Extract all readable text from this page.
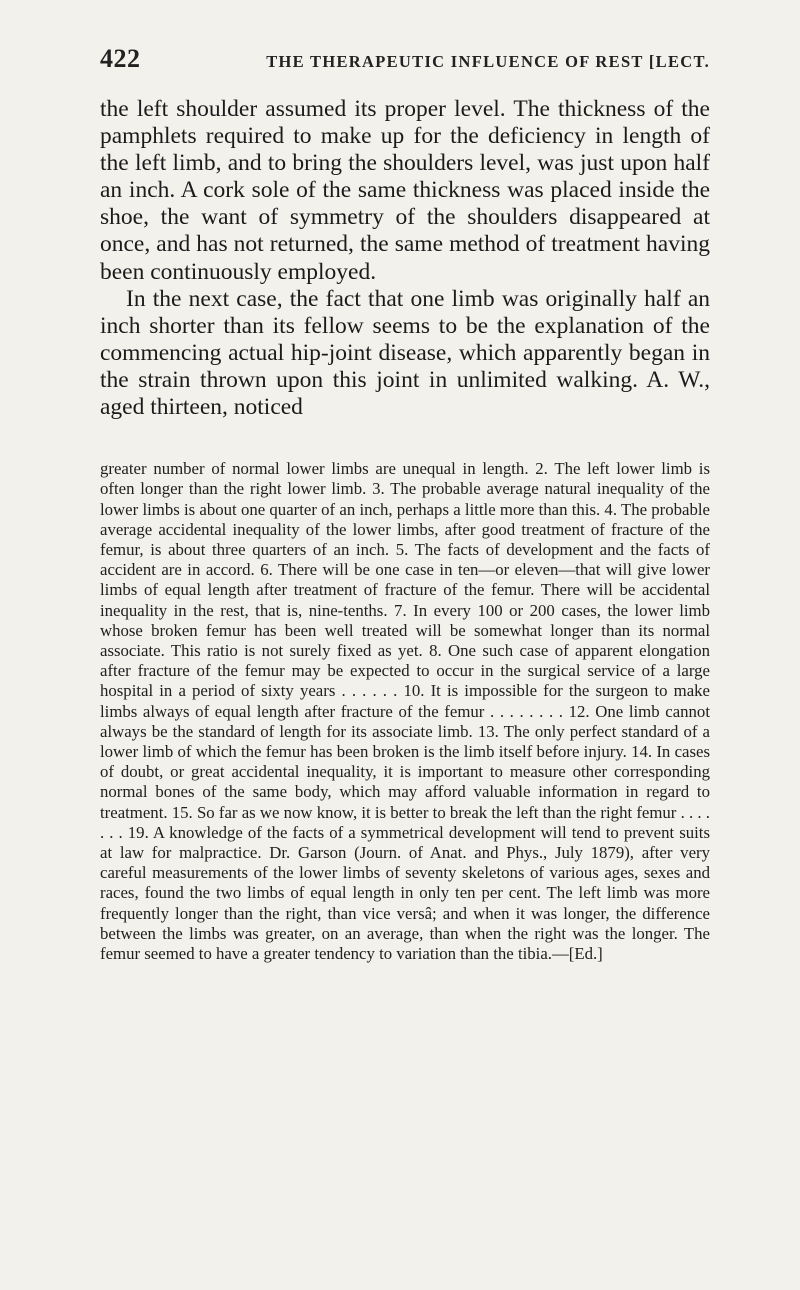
422	THE THERAPEUTIC INFLUENCE OF REST [LECT.

the left shoulder assumed its proper level. The thickness of the pamphlets required to make up for the deficiency in length of the left limb, and to bring the shoulders level, was just upon half an inch. A cork sole of the same thickness was placed inside the shoe, the want of symmetry of the shoulders disappeared at once, and has not returned, the same method of treatment having been continuously employed.

In the next case, the fact that one limb was originally half an inch shorter than its fellow seems to be the explanation of the commencing actual hip-joint disease, which apparently began in the strain thrown upon this joint in unlimited walking. A. W., aged thirteen, noticed

greater number of normal lower limbs are unequal in length. 2. The left lower limb is often longer than the right lower limb. 3. The probable average natural inequality of the lower limbs is about one quarter of an inch, perhaps a little more than this. 4. The probable average accidental inequality of the lower limbs, after good treatment of fracture of the femur, is about three quarters of an inch. 5. The facts of development and the facts of accident are in accord. 6. There will be one case in ten—or eleven—that will give lower limbs of equal length after treatment of fracture of the femur. There will be accidental inequality in the rest, that is, nine-tenths. 7. In every 100 or 200 cases, the lower limb whose broken femur has been well treated will be somewhat longer than its normal associate. This ratio is not surely fixed as yet. 8. One such case of apparent elongation after fracture of the femur may be expected to occur in the surgical service of a large hospital in a period of sixty years . . . . . . 10. It is impossible for the surgeon to make limbs always of equal length after fracture of the femur . . . . . . . . 12. One limb cannot always be the standard of length for its associate limb. 13. The only perfect standard of a lower limb of which the femur has been broken is the limb itself before injury. 14. In cases of doubt, or great accidental inequality, it is important to measure other corresponding normal bones of the same body, which may afford valuable information in regard to treatment. 15. So far as we now know, it is better to break the left than the right femur . . . . . . . 19. A knowledge of the facts of a symmetrical development will tend to prevent suits at law for malpractice. Dr. Garson (Journ. of Anat. and Phys., July 1879), after very careful measurements of the lower limbs of seventy skeletons of various ages, sexes and races, found the two limbs of equal length in only ten per cent. The left limb was more frequently longer than the right, than vice versâ; and when it was longer, the difference between the limbs was greater, on an average, than when the right was the longer. The femur seemed to have a greater tendency to variation than the tibia.—[Ed.]
